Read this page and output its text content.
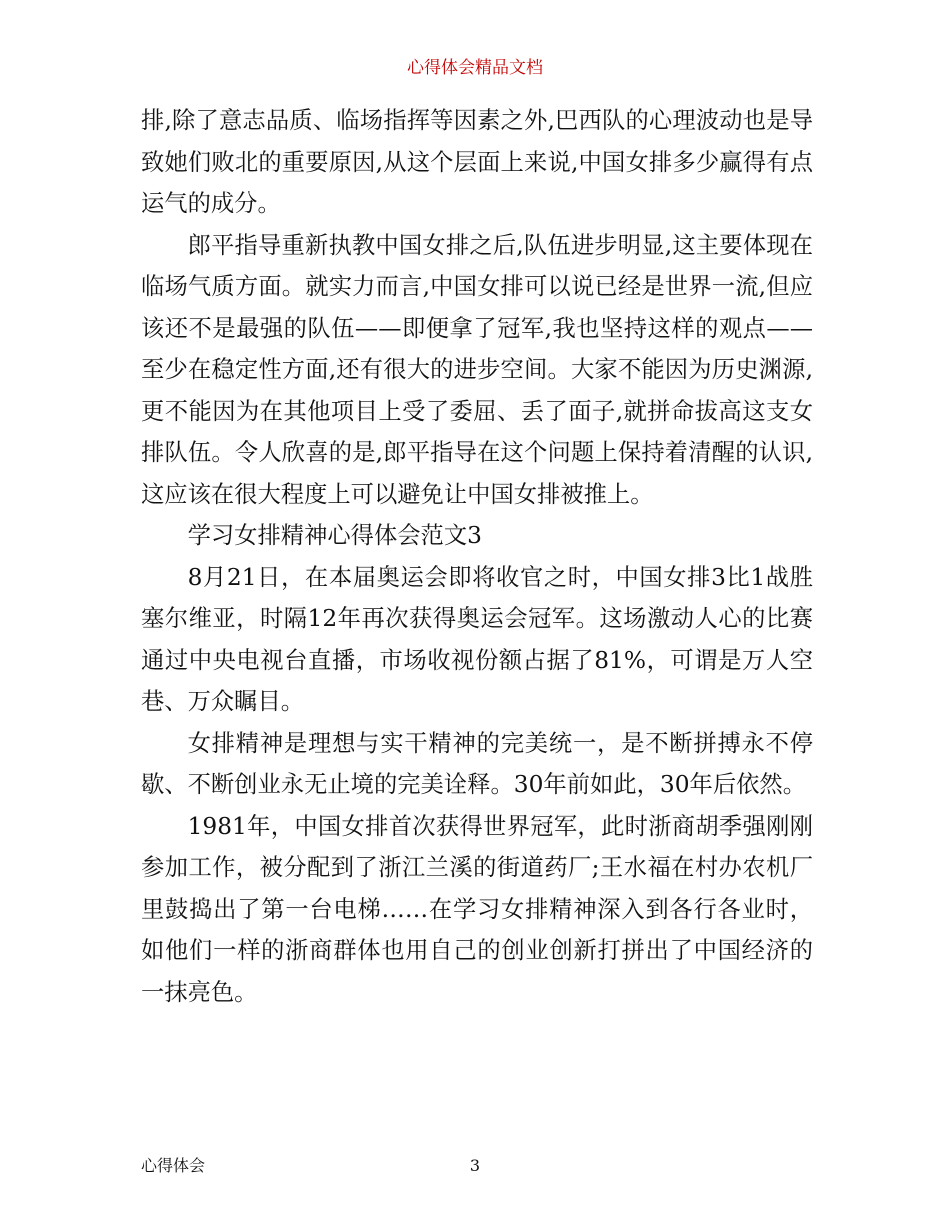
心得体会精品文档

排,除了意志品质、临场指挥等因素之外,巴西队的心理波动也是导致她们败北的重要原因,从这个层面上来说,中国女排多少赢得有点运气的成分。

郎平指导重新执教中国女排之后,队伍进步明显,这主要体现在临场气质方面。就实力而言,中国女排可以说已经是世界一流,但应该还不是最强的队伍——即便拿了冠军,我也坚持这样的观点——至少在稳定性方面,还有很大的进步空间。大家不能因为历史渊源,更不能因为在其他项目上受了委屈、丢了面子,就拼命拔高这支女排队伍。令人欣喜的是,郎平指导在这个问题上保持着清醒的认识,这应该在很大程度上可以避免让中国女排被推上。

学习女排精神心得体会范文3

8月21日，在本届奥运会即将收官之时，中国女排3比1战胜塞尔维亚，时隔12年再次获得奥运会冠军。这场激动人心的比赛通过中央电视台直播，市场收视份额占据了81%，可谓是万人空巷、万众瞩目。

女排精神是理想与实干精神的完美统一，是不断拼搏永不停歇、不断创业永无止境的完美诠释。30年前如此，30年后依然。

1981年，中国女排首次获得世界冠军，此时浙商胡季强刚刚参加工作，被分配到了浙江兰溪的街道药厂;王水福在村办农机厂里鼓捣出了第一台电梯……在学习女排精神深入到各行各业时，如他们一样的浙商群体也用自己的创业创新打拼出了中国经济的一抹亮色。

心得体会	3
